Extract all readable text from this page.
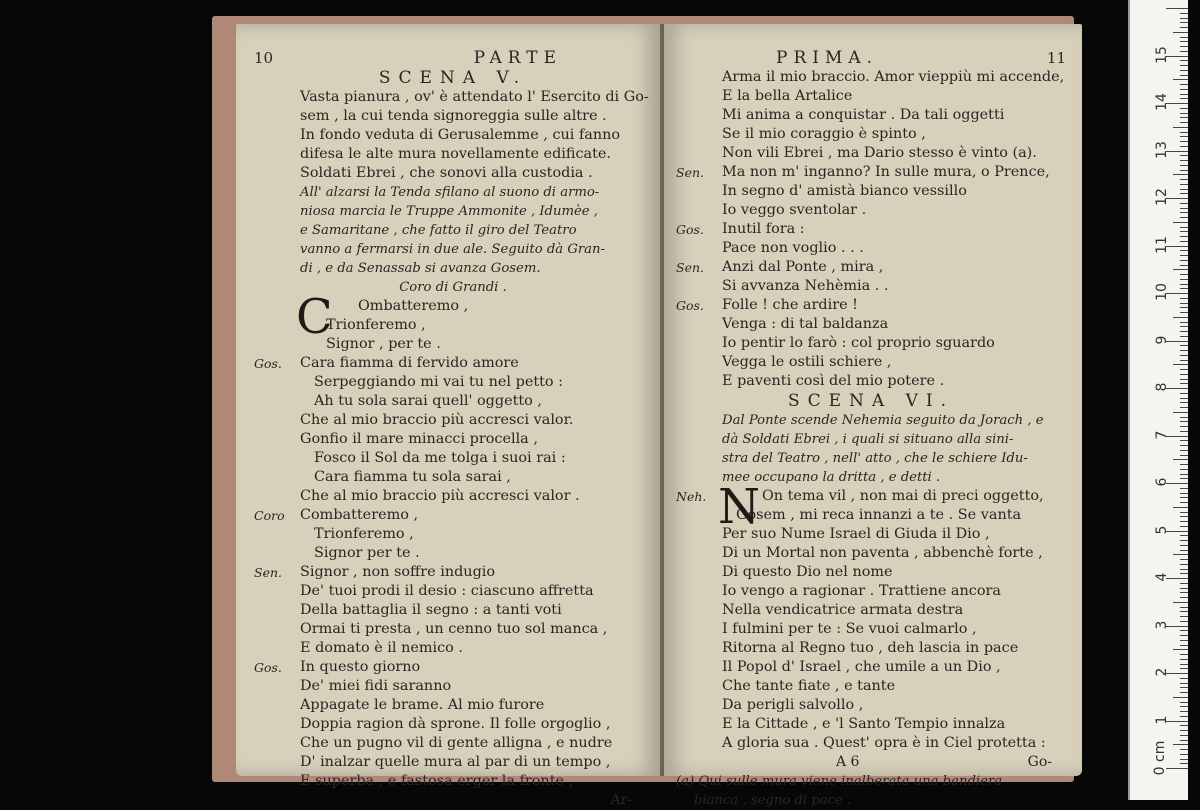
10	PARTE
SCENA V.
Vasta pianura , ov' è attendato l' Esercito di Go-
sem , la cui tenda signoreggia sulle altre .
In fondo veduta di Gerusalemme , cui fanno
difesa le alte mura novellamente edificate.
Soldati Ebrei , che sonovi alla custodia .
All' alzarsi la Tenda sfilano al suono di armo-
niosa marcia le Truppe Ammonite , Idumèe ,
e Samaritane , che fatto il giro del Teatro
vanno a fermarsi in due ale. Seguito dà Gran-
di , e da Senassab si avanza Gosem.
Coro di Grandi .
C	Ombatteremo ,
Trionferemo ,
Signor , per te .
Gos.	Cara fiamma di fervido amore
Serpeggiando mi vai tu nel petto :
Ah tu sola sarai quell' oggetto ,
Che al mio braccio più accresci valor.
Gonfio il mare minacci procella ,
Fosco il Sol da me tolga i suoi rai :
Cara fiamma tu sola sarai ,
Che al mio braccio più accresci valor .
Coro	Combatteremo ,
Trionferemo ,
Signor per te .
Sen.	Signor , non soffre indugio
De' tuoi prodi il desio : ciascuno affretta
Della battaglia il segno : a tanti voti
Ormai ti presta , un cenno tuo sol manca ,
E domato è il nemico .
Gos.	In questo giorno
De' miei fidi saranno
Appagate le brame. Al mio furore
Doppia ragion dà sprone. Il folle orgoglio ,
Che un pugno vil di gente alligna , e nudre
D' inalzar quelle mura al par di un tempo ,
E superba , e fastosa erger la fronte ,
Ar-
PRIMA.	11
Arma il mio braccio. Amor vieppiù mi accende,
E la bella Artalice
Mi anima a conquistar . Da tali oggetti
Se il mio coraggio è spinto ,
Non vili Ebrei , ma Dario stesso è vinto (a).
Sen.	Ma non m' inganno? In sulle mura, o Prence,
In segno d' amistà bianco vessillo
Io veggo sventolar .
Gos.	Inutil fora :
Pace non voglio . . .
Sen.	Anzi dal Ponte , mira ,
Si avvanza Nehèmia . .
Gos.	Folle ! che ardire !
Venga : di tal baldanza
Io pentir lo farò : col proprio sguardo
Vegga le ostili schiere ,
E paventi così del mio potere .
SCENA VI.
Dal Ponte scende Nehemia seguito da Jorach , e
dà Soldati Ebrei , i quali si situano alla sini-
stra del Teatro , nell' atto , che le schiere Idu-
mee occupano la dritta , e detti .
Neh. N On tema vil , non mai di preci oggetto,
Gosem , mi reca innanzi a te . Se vanta
Per suo Nume Israel di Giuda il Dio ,
Di un Mortal non paventa , abbenchè forte ,
Di questo Dio nel nome
Io vengo a ragionar . Trattiene ancora
Nella vendicatrice armata destra
I fulmini per te : Se vuoi calmarlo ,
Ritorna al Regno tuo , deh lascia in pace
Il Popol d' Israel , che umile a un Dio ,
Che tante fiate , e tante
Da perigli salvollo ,
E la Cittade , e 'l Santo Tempio innalza
A gloria sua . Quest' opra è in Ciel protetta :
A 6	Go-
(a) Qui sulle mura viene inalberata una bandiera
bianca , segno di pace .
0 cm
1
2
3
4
5
6
7
8
9
10
11
12
13
14
15
